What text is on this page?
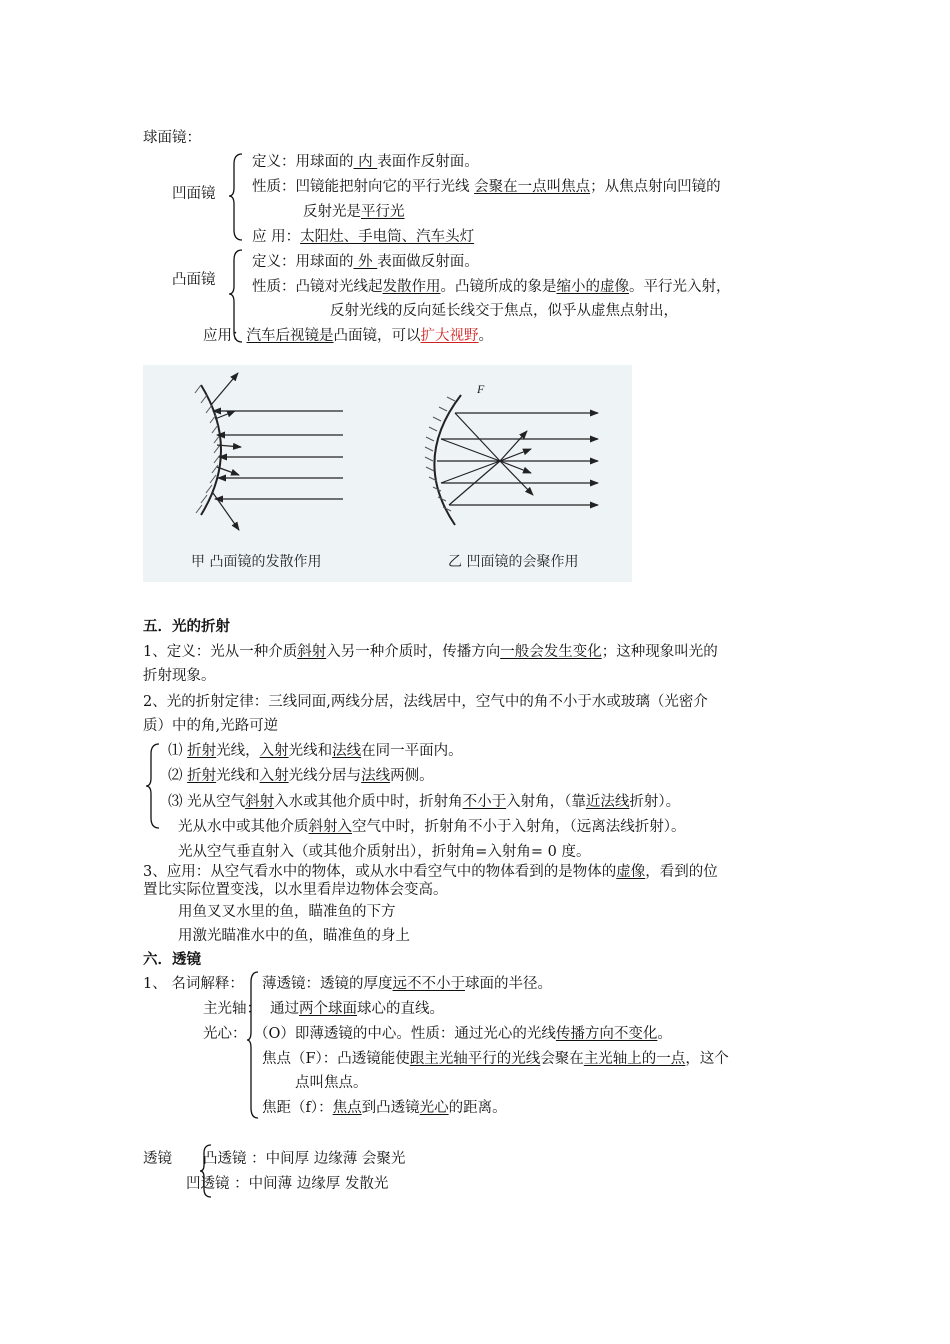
球面镜：
凹面镜
定义：用球面的 内 表面作反射面。
性质：凹镜能把射向它的平行光线 会聚在一点叫焦点；从焦点射向凹镜的
反射光是平行光
应 用：太阳灶、手电筒、汽车头灯
凸面镜
定义：用球面的 外 表面做反射面。
性质：凸镜对光线起发散作用。凸镜所成的象是缩小的虚像。平行光入射，
反射光线的反向延长线交于焦点，似乎从虚焦点射出，
应用：汽车后视镜是凸面镜，可以扩大视野。
F
甲 凸面镜的发散作用	乙 凹面镜的会聚作用
五．光的折射
1、定义：光从一种介质斜射入另一种介质时，传播方向一般会发生变化；这种现象叫光的
折射现象。
2、光的折射定律：三线同面,两线分居，法线居中，空气中的角不小于水或玻璃（光密介
质）中的角,光路可逆
⑴ 折射光线，入射光线和法线在同一平面内。
⑵ 折射光线和入射光线分居与法线两侧。
⑶ 光从空气斜射入水或其他介质中时，折射角不小于入射角，（靠近法线折射）。
光从水中或其他介质斜射入空气中时，折射角不小于入射角，（远离法线折射）。
光从空气垂直射入（或其他介质射出），折射角=入射角= 0 度。
3、应用：从空气看水中的物体，或从水中看空气中的物体看到的是物体的虚像，看到的位
置比实际位置变浅，以水里看岸边物体会变高。
用鱼叉叉水里的鱼，瞄准鱼的下方
用激光瞄准水中的鱼，瞄准鱼的身上
六．透镜
1、 名词解释： 薄透镜：透镜的厚度远不不小于球面的半径。
主光轴： 通过两个球面球心的直线。
光心： （O）即薄透镜的中心。性质：通过光心的光线传播方向不变化。
焦点（F）：凸透镜能使跟主光轴平行的光线会聚在主光轴上的一点，这个
点叫焦点。
焦距（f）：焦点到凸透镜光心的距离。
透镜 凸透镜 ：中间厚 边缘薄 会聚光
凹透镜 ：中间薄 边缘厚 发散光
